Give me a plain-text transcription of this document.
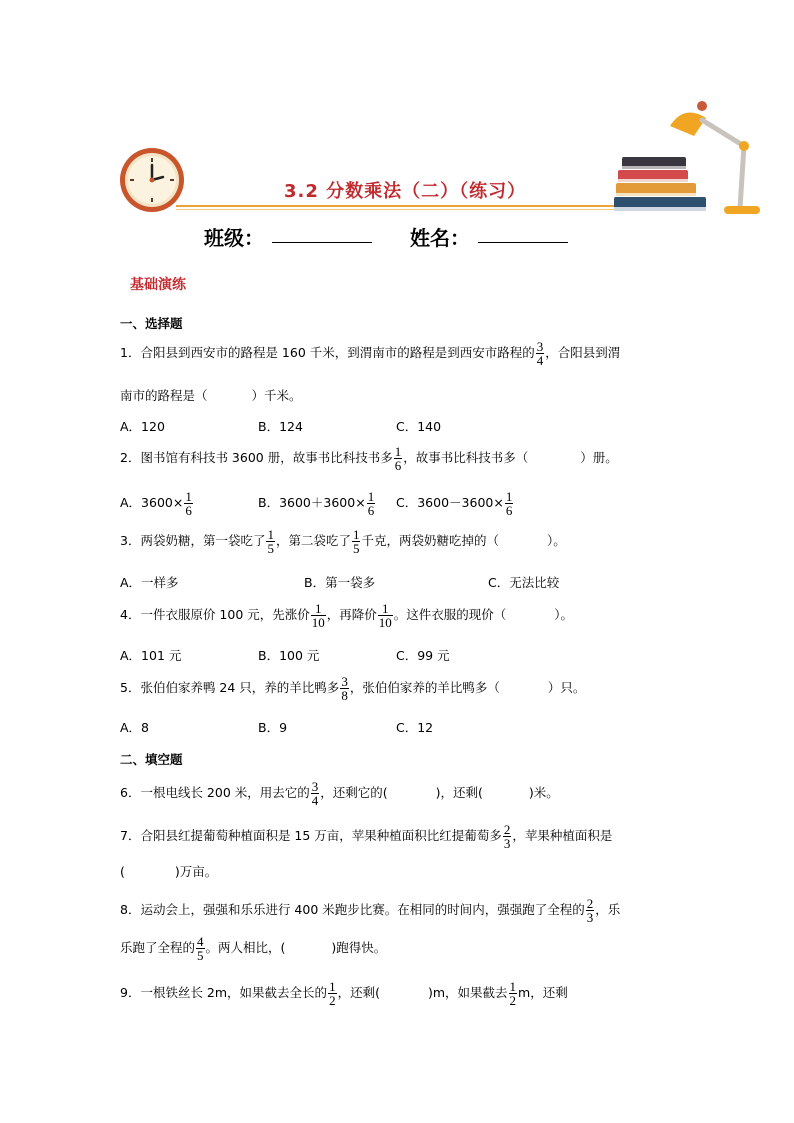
3.2 分数乘法（二）（练习）
班级：	姓名：
基础演练
一、选择题
1．合阳县到西安市的路程是 160 千米，到渭南市的路程是到西安市路程的 $\frac{3}{4}$ ，合阳县到渭
南市的路程是（	）千米。
A．120	B．124	C．140
2．图书馆有科技书 3600 册，故事书比科技书多 $\frac{1}{6}$ ，故事书比科技书多（	）册。
A．$3600\times \frac{1}{6}$	B．$3600+3600\times \frac{1}{6}$ C．$3600-3600\times \frac{1}{6}$
3．两袋奶糖，第一袋吃了 $\frac{1}{5}$ ，第二袋吃了 $\frac{1}{5}$ 千克，两袋奶糖吃掉的（	）。
A．一样多	B．第一袋多	C．无法比较
4．一件衣服原价 100 元，先涨价 $\frac{1}{10}$ ，再降价 $\frac{1}{10}$ 。这件衣服的现价（	）。
A．101 元	B．100 元	C．99 元
5．张伯伯家养鸭 24 只，养的羊比鸭多 $\frac{3}{8}$ ，张伯伯家养的羊比鸭多（	）只。
A．8	B．9	C．12
二、填空题
6．一根电线长 200 米，用去它的 $\frac{3}{4}$ ，还剩它的(	)，还剩(	)米。
7．合阳县红提葡萄种植面积是 15 万亩，苹果种植面积比红提葡萄多 $\frac{2}{3}$ ，苹果种植面积是
(	)万亩。
8．运动会上，强强和乐乐进行 400 米跑步比赛。在相同的时间内，强强跑了全程的 $\frac{2}{3}$ ，乐
乐跑了全程的 $\frac{4}{5}$ 。两人相比，(	)跑得快。
9．一根铁丝长 2m，如果截去全长的 $\frac{1}{2}$ ，还剩(	)m，如果截去 $\frac{1}{2}$ m，还剩
